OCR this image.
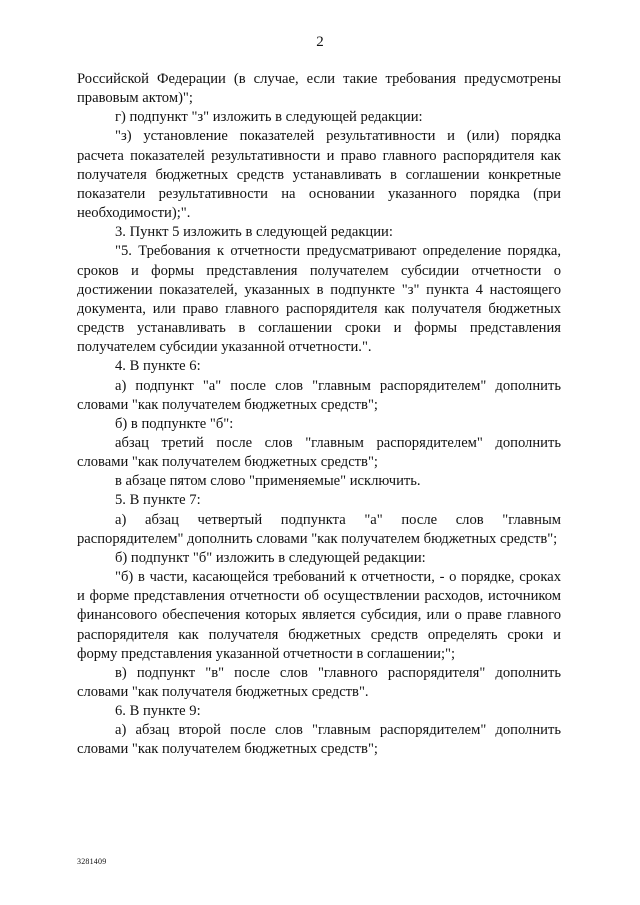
2

Российской Федерации (в случае, если такие требования предусмотрены правовым актом)";

г) подпункт "з" изложить в следующей редакции:

"з) установление показателей результативности и (или) порядка расчета показателей результативности и право главного распорядителя как получателя бюджетных средств устанавливать в соглашении конкретные показатели результативности на основании указанного порядка (при необходимости);".

3. Пункт 5 изложить в следующей редакции:

"5. Требования к отчетности предусматривают определение порядка, сроков и формы представления получателем субсидии отчетности о достижении показателей, указанных в подпункте "з" пункта 4 настоящего документа, или право главного распорядителя как получателя бюджетных средств устанавливать в соглашении сроки и формы представления получателем субсидии указанной отчетности.".

4. В пункте 6:

а) подпункт "а" после слов "главным распорядителем" дополнить словами "как получателем бюджетных средств";

б) в подпункте "б":

абзац третий после слов "главным распорядителем" дополнить словами "как получателем бюджетных средств";

в абзаце пятом слово "применяемые" исключить.

5. В пункте 7:

а) абзац четвертый подпункта "а" после слов "главным распорядителем" дополнить словами "как получателем бюджетных средств";

б) подпункт "б" изложить в следующей редакции:

"б) в части, касающейся требований к отчетности, - о порядке, сроках и форме представления отчетности об осуществлении расходов, источником финансового обеспечения которых является субсидия, или о праве главного распорядителя как получателя бюджетных средств определять сроки и форму представления указанной отчетности в соглашении;";

в) подпункт "в" после слов "главного распорядителя" дополнить словами "как получателя бюджетных средств".

6. В пункте 9:

а) абзац второй после слов "главным распорядителем" дополнить словами "как получателем бюджетных средств";

3281409
